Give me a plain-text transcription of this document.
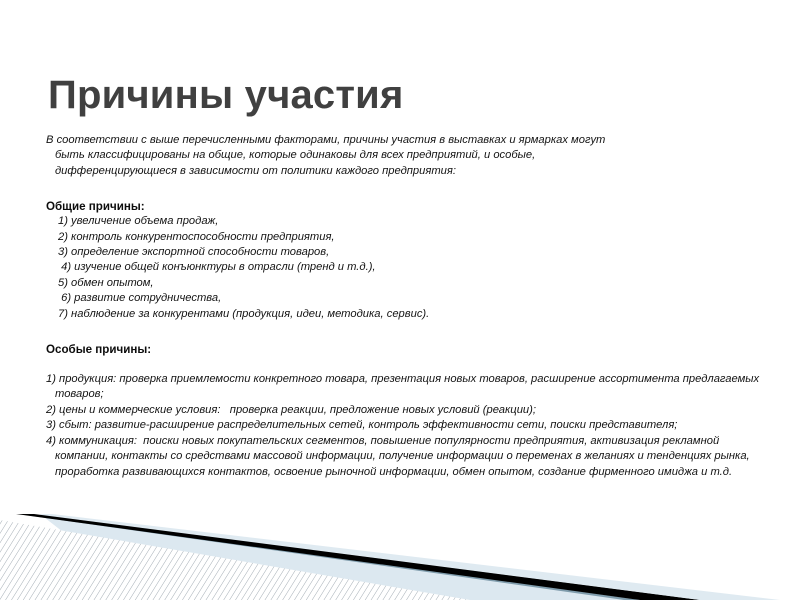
Причины участия
В соответствии с выше перечисленными факторами, причины участия в выставках и ярмарках могут
быть классифицированы на общие, которые одинаковы для всех предприятий, и особые,
дифференцирующиеся в зависимости от политики каждого предприятия:

Общие причины:

1) увеличение объема продаж,
2) контроль конкурентоспособности предприятия,
3) определение экспортной способности товаров,
4) изучение общей конъюнктуры в отрасли (тренд и т.д.),
5) обмен опытом,
6) развитие сотрудничества,
7) наблюдение за конкурентами (продукция, идеи, методика, сервис).

Особые причины:

1) продукция: проверка приемлемости конкретного товара, презентация новых товаров, расширение ассортимента предлагаемых товаров;
2) цены и коммерческие условия:   проверка реакции, предложение новых условий (реакции);
3) сбыт: развитие-расширение распределительных сетей, контроль эффективности сети, поиски представителя;
4) коммуникация:  поиски новых покупательских сегментов, повышение популярности предприятия, активизация рекламной компании, контакты со средствами массовой информации, получение информации о переменах в желаниях и тенденциях рынка, проработка развивающихся контактов, освоение рыночной информации, обмен опытом, создание фирменного имиджа и т.д.
